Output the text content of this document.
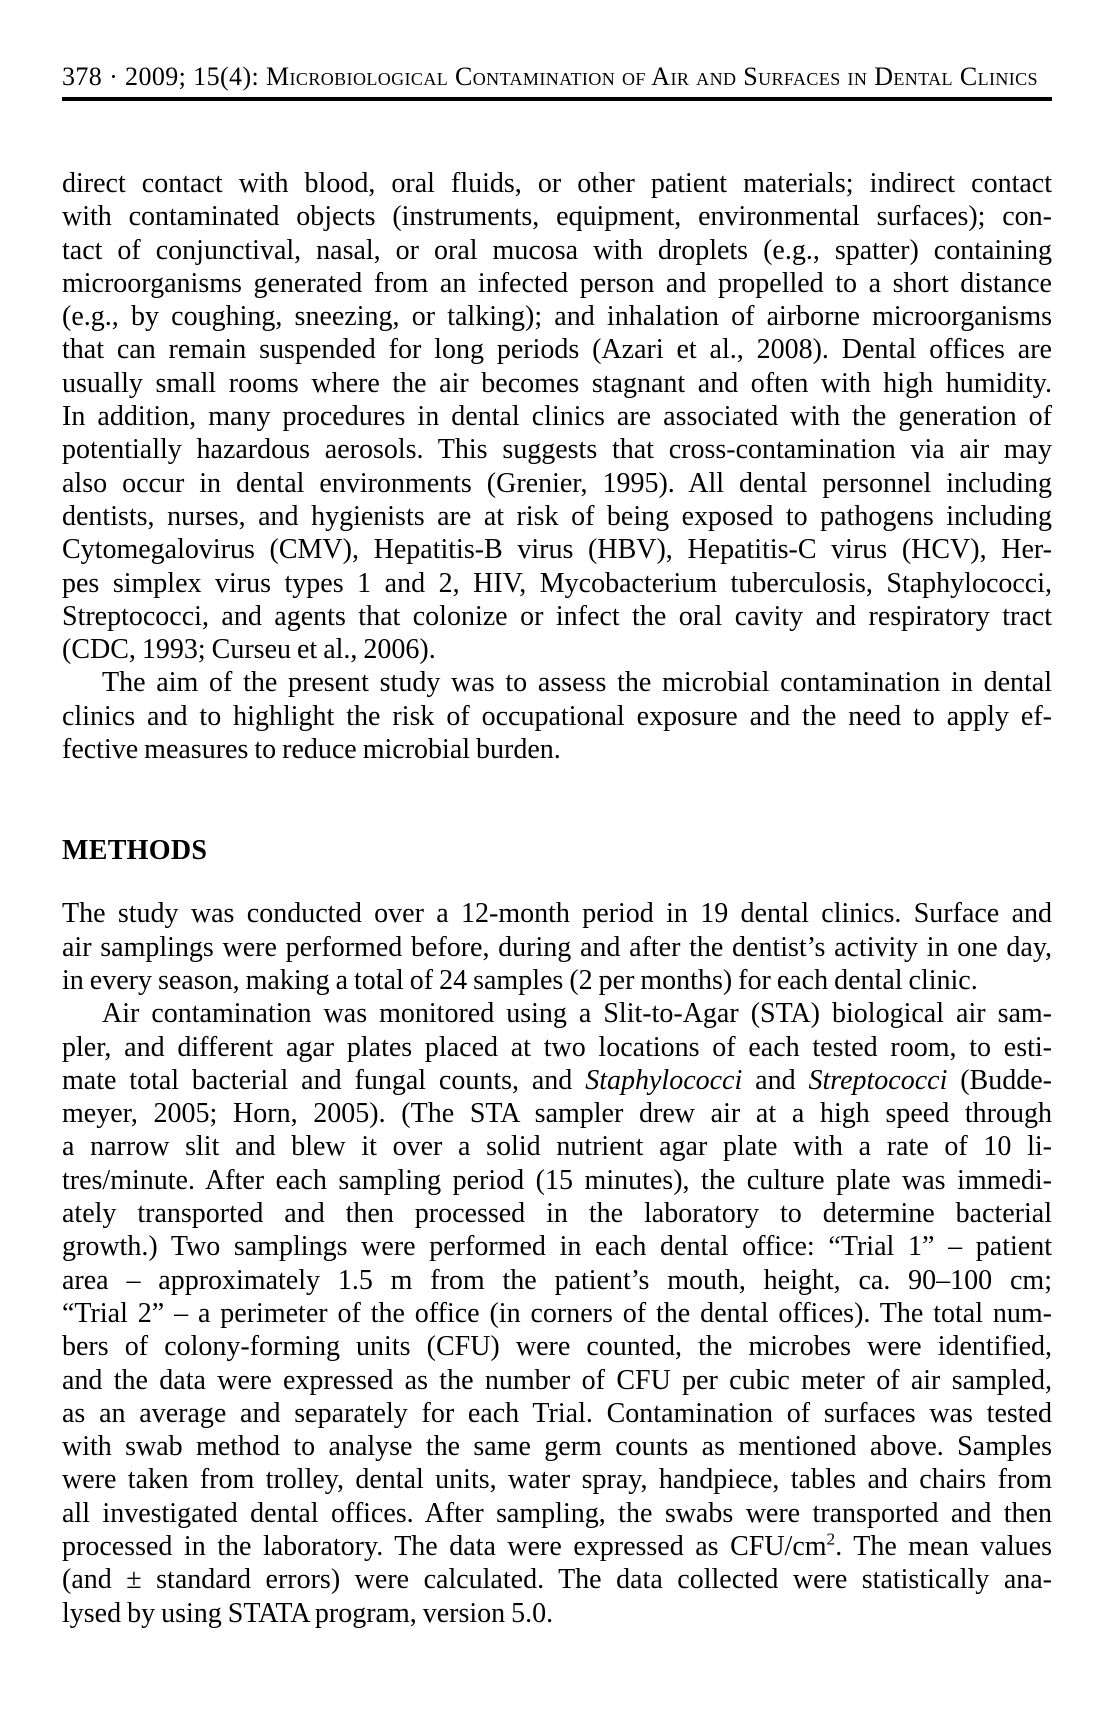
378 · 2009; 15(4): Microbiological Contamination of Air and Surfaces in Dental Clinics
direct contact with blood, oral fluids, or other patient materials; indirect contact
with contaminated objects (instruments, equipment, environmental surfaces); con-
tact of conjunctival, nasal, or oral mucosa with droplets (e.g., spatter) containing
microorganisms generated from an infected person and propelled to a short distance
(e.g., by coughing, sneezing, or talking); and inhalation of airborne microorganisms
that can remain suspended for long periods (Azari et al., 2008). Dental offices are
usually small rooms where the air becomes stagnant and often with high humidity.
In addition, many procedures in dental clinics are associated with the generation of
potentially hazardous aerosols. This suggests that cross-contamination via air may
also occur in dental environments (Grenier, 1995). All dental personnel including
dentists, nurses, and hygienists are at risk of being exposed to pathogens including
Cytomegalovirus (CMV), Hepatitis-B virus (HBV), Hepatitis-C virus (HCV), Her-
pes simplex virus types 1 and 2, HIV, Mycobacterium tuberculosis, Staphylococci,
Streptococci, and agents that colonize or infect the oral cavity and respiratory tract
(CDC, 1993; Curseu et al., 2006).
The aim of the present study was to assess the microbial contamination in dental
clinics and to highlight the risk of occupational exposure and the need to apply ef-
fective measures to reduce microbial burden.
METHODS
The study was conducted over a 12-month period in 19 dental clinics. Surface and
air samplings were performed before, during and after the dentist’s activity in one day,
in every season, making a total of 24 samples (2 per months) for each dental clinic.
Air contamination was monitored using a Slit-to-Agar (STA) biological air sam-
pler, and different agar plates placed at two locations of each tested room, to esti-
mate total bacterial and fungal counts, and Staphylococci and Streptococci (Budde-
meyer, 2005; Horn, 2005). (The STA sampler drew air at a high speed through
a narrow slit and blew it over a solid nutrient agar plate with a rate of 10 li-
tres/minute. After each sampling period (15 minutes), the culture plate was immedi-
ately transported and then processed in the laboratory to determine bacterial
growth.) Two samplings were performed in each dental office: “Trial 1” – patient
area – approximately 1.5 m from the patient’s mouth, height, ca. 90–100 cm;
“Trial 2” – a perimeter of the office (in corners of the dental offices). The total num-
bers of colony-forming units (CFU) were counted, the microbes were identified,
and the data were expressed as the number of CFU per cubic meter of air sampled,
as an average and separately for each Trial. Contamination of surfaces was tested
with swab method to analyse the same germ counts as mentioned above. Samples
were taken from trolley, dental units, water spray, handpiece, tables and chairs from
all investigated dental offices. After sampling, the swabs were transported and then
processed in the laboratory. The data were expressed as CFU/$cm^2$. The mean values
(and ± standard errors) were calculated. The data collected were statistically ana-
lysed by using STATA program, version 5.0.
